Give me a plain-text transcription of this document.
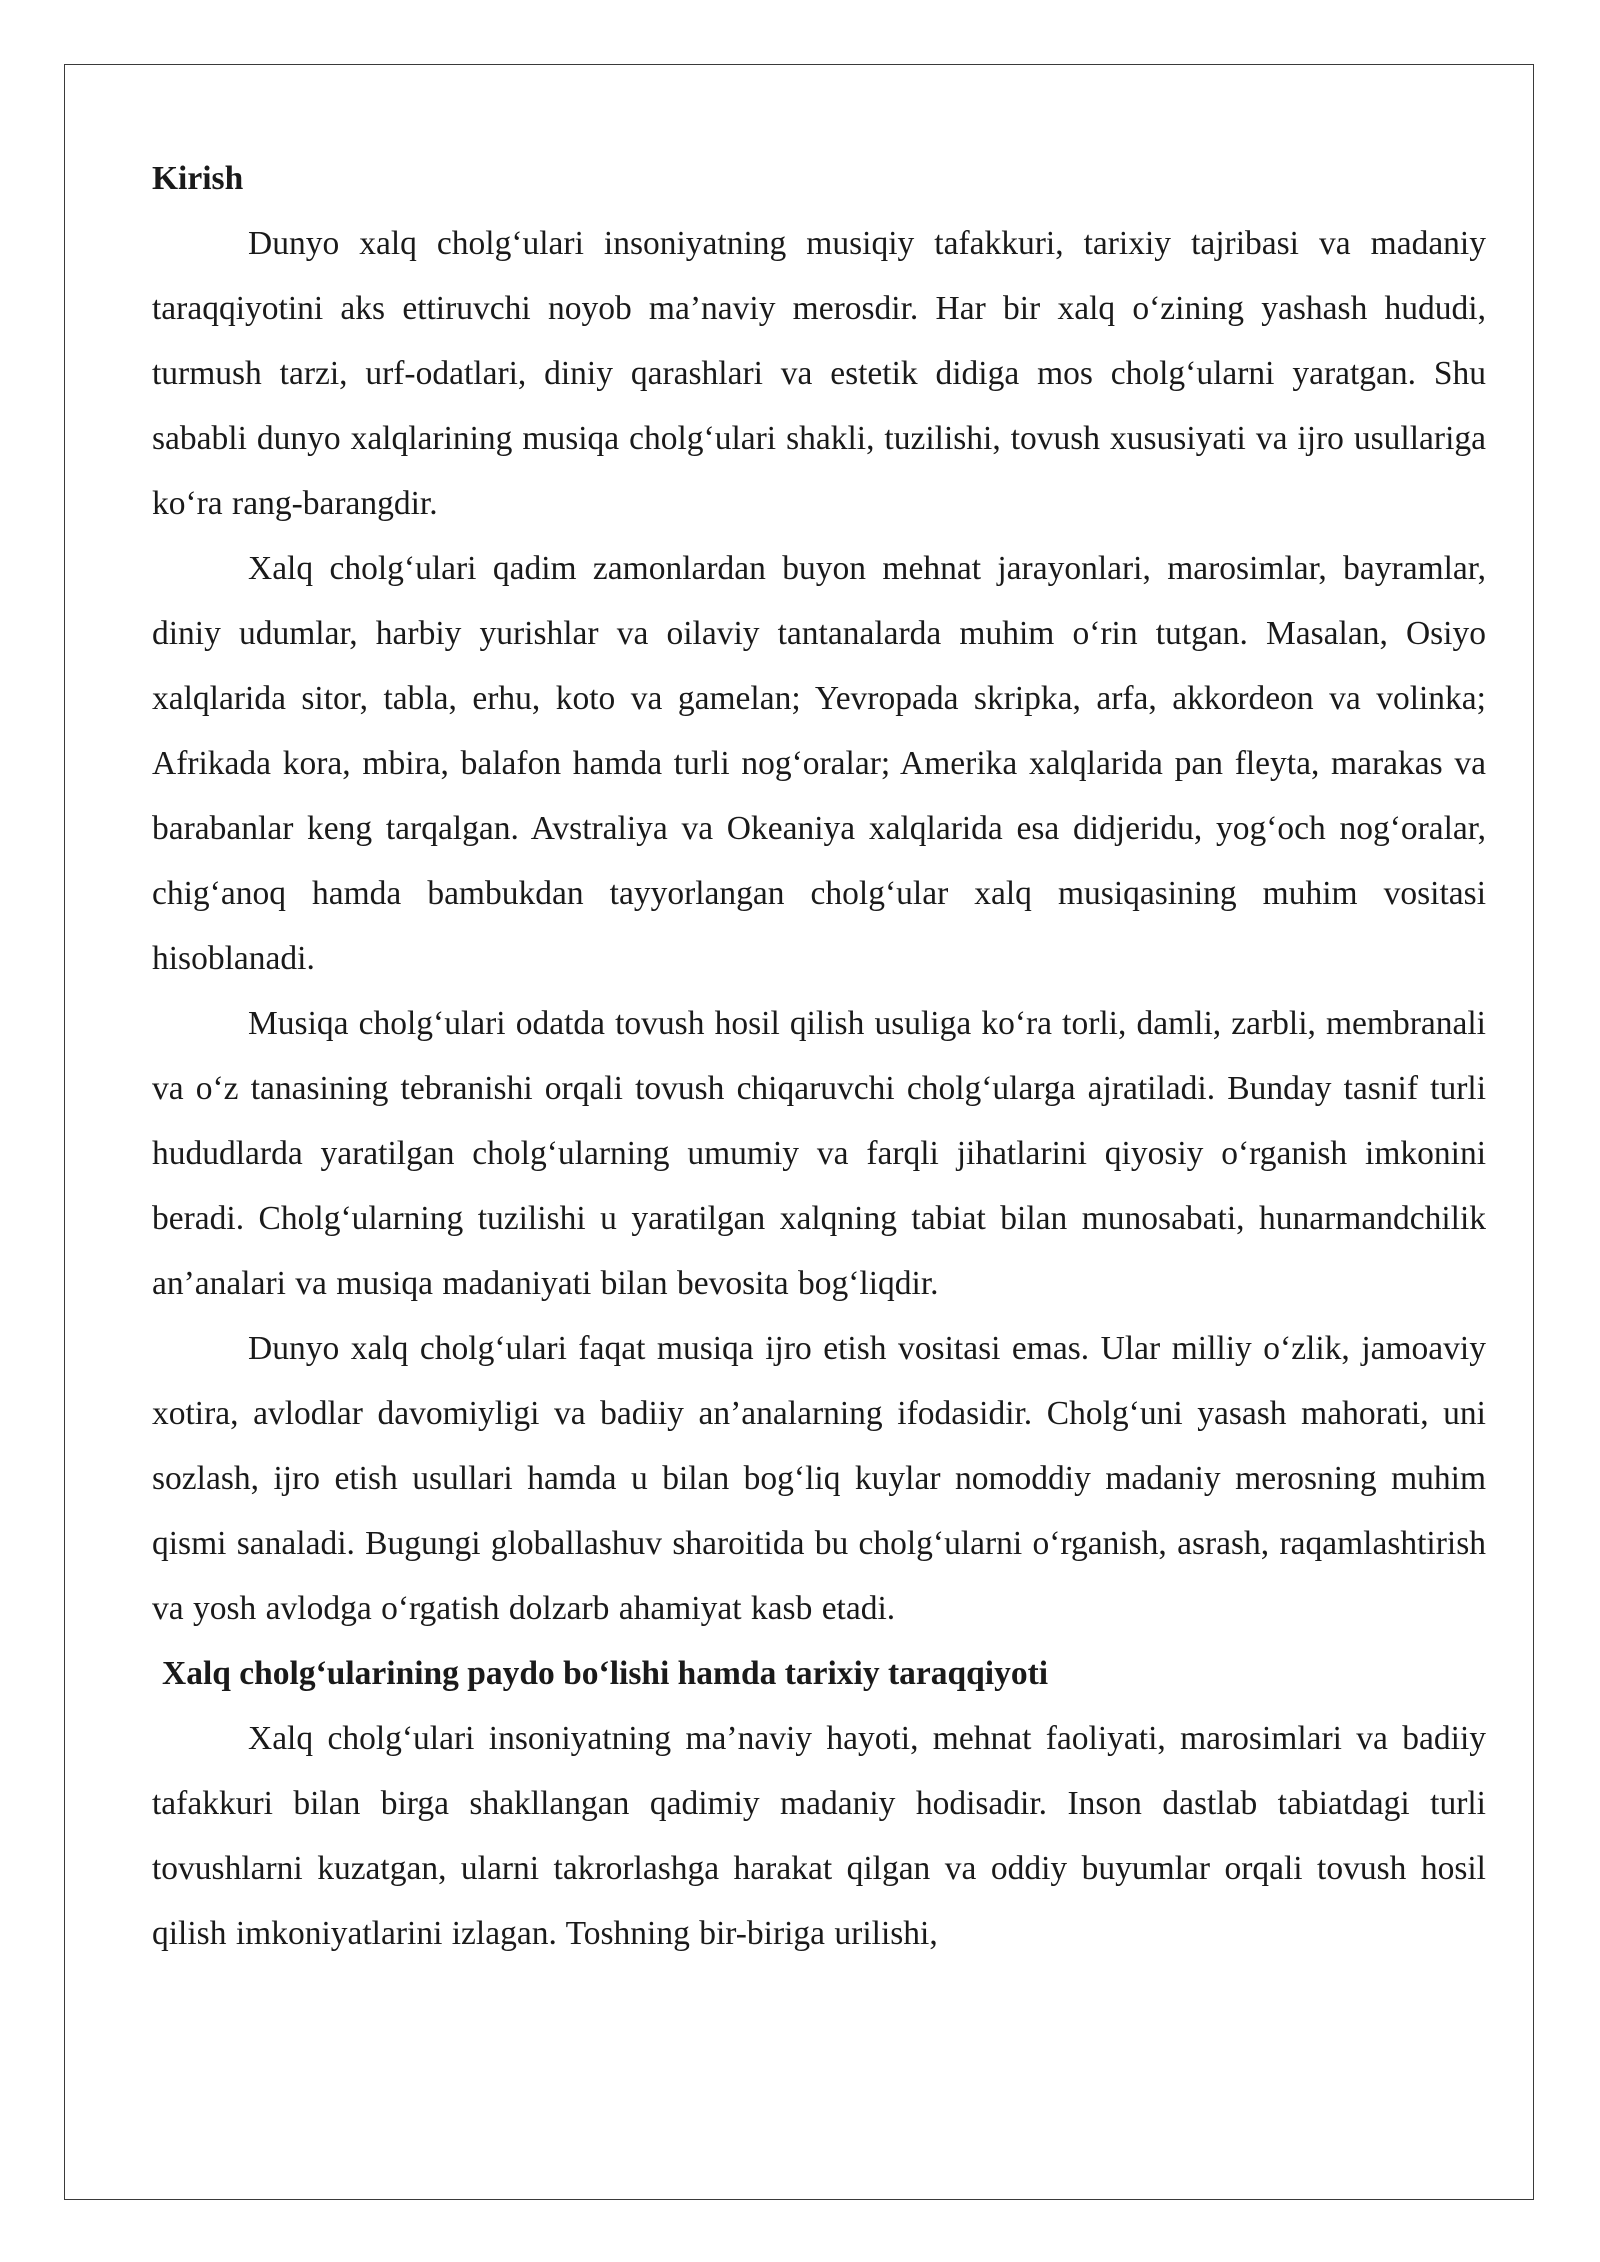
Kirish

Dunyo xalq cholg‘ulari insoniyatning musiqiy tafakkuri, tarixiy tajribasi va madaniy taraqqiyotini aks ettiruvchi noyob ma’naviy merosdir. Har bir xalq o‘zining yashash hududi, turmush tarzi, urf-odatlari, diniy qarashlari va estetik didiga mos cholg‘ularni yaratgan. Shu sababli dunyo xalqlarining musiqa cholg‘ulari shakli, tuzilishi, tovush xususiyati va ijro usullariga ko‘ra rang-barangdir.

Xalq cholg‘ulari qadim zamonlardan buyon mehnat jarayonlari, marosimlar, bayramlar, diniy udumlar, harbiy yurishlar va oilaviy tantanalarda muhim o‘rin tutgan. Masalan, Osiyo xalqlarida sitor, tabla, erhu, koto va gamelan; Yevropada skripka, arfa, akkordeon va volinka; Afrikada kora, mbira, balafon hamda turli nog‘oralar; Amerika xalqlarida pan fleyta, marakas va barabanlar keng tarqalgan. Avstraliya va Okeaniya xalqlarida esa didjeridu, yog‘och nog‘oralar, chig‘anoq hamda bambukdan tayyorlangan cholg‘ular xalq musiqasining muhim vositasi hisoblanadi.

Musiqa cholg‘ulari odatda tovush hosil qilish usuliga ko‘ra torli, damli, zarbli, membranali va o‘z tanasining tebranishi orqali tovush chiqaruvchi cholg‘ularga ajratiladi. Bunday tasnif turli hududlarda yaratilgan cholg‘ularning umumiy va farqli jihatlarini qiyosiy o‘rganish imkonini beradi. Cholg‘ularning tuzilishi u yaratilgan xalqning tabiat bilan munosabati, hunarmandchilik an’analari va musiqa madaniyati bilan bevosita bog‘liqdir.

Dunyo xalq cholg‘ulari faqat musiqa ijro etish vositasi emas. Ular milliy o‘zlik, jamoaviy xotira, avlodlar davomiyligi va badiiy an’analarning ifodasidir. Cholg‘uni yasash mahorati, uni sozlash, ijro etish usullari hamda u bilan bog‘liq kuylar nomoddiy madaniy merosning muhim qismi sanaladi. Bugungi globallashuv sharoitida bu cholg‘ularni o‘rganish, asrash, raqamlashtirish va yosh avlodga o‘rgatish dolzarb ahamiyat kasb etadi.

Xalq cholg‘ularining paydo bo‘lishi hamda tarixiy taraqqiyoti

Xalq cholg‘ulari insoniyatning ma’naviy hayoti, mehnat faoliyati, marosimlari va badiiy tafakkuri bilan birga shakllangan qadimiy madaniy hodisadir. Inson dastlab tabiatdagi turli tovushlarni kuzatgan, ularni takrorlashga harakat qilgan va oddiy buyumlar orqali tovush hosil qilish imkoniyatlarini izlagan. Toshning bir-biriga urilishi,
